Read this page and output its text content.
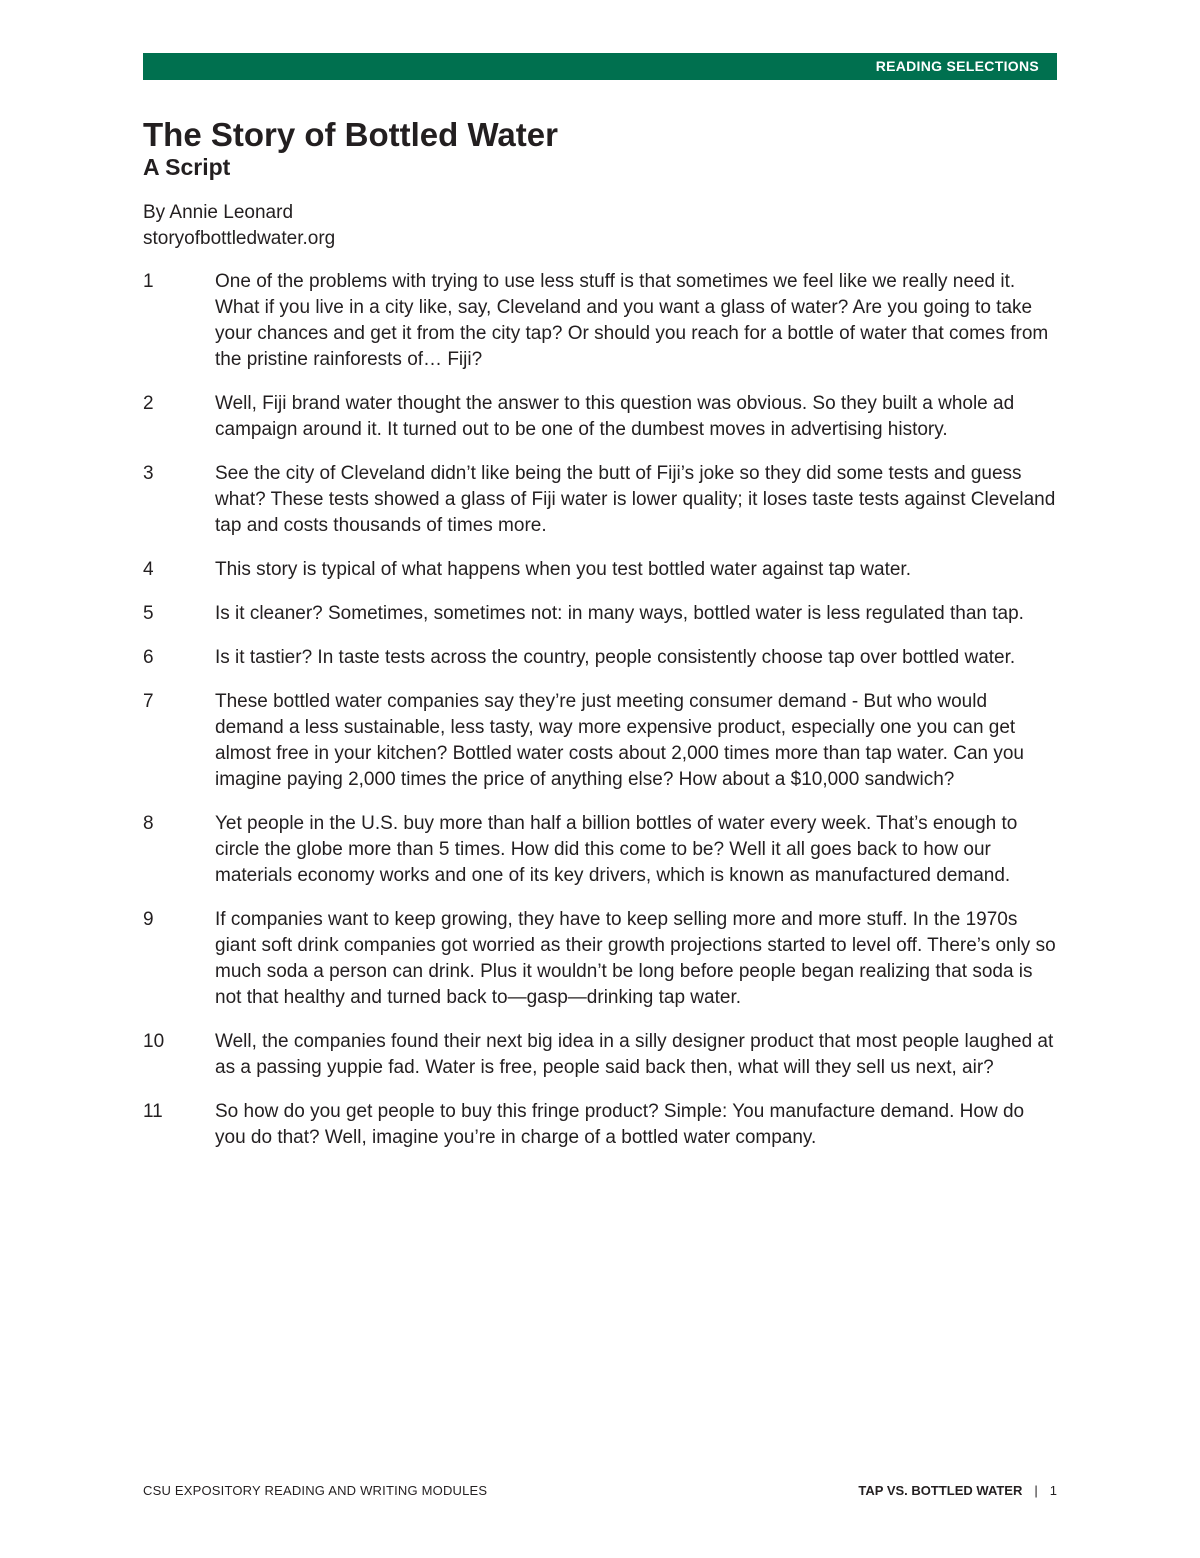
READING SELECTIONS
The Story of Bottled Water
A Script
By Annie Leonard
storyofbottledwater.org
1	One of the problems with trying to use less stuff is that sometimes we feel like we really need it. What if you live in a city like, say, Cleveland and you want a glass of water? Are you going to take your chances and get it from the city tap? Or should you reach for a bottle of water that comes from the pristine rainforests of… Fiji?
2	Well, Fiji brand water thought the answer to this question was obvious. So they built a whole ad campaign around it. It turned out to be one of the dumbest moves in advertising history.
3	See the city of Cleveland didn’t like being the butt of Fiji’s joke so they did some tests and guess what? These tests showed a glass of Fiji water is lower quality; it loses taste tests against Cleveland tap and costs thousands of times more.
4	This story is typical of what happens when you test bottled water against tap water.
5	Is it cleaner? Sometimes, sometimes not: in many ways, bottled water is less regulated than tap.
6	Is it tastier? In taste tests across the country, people consistently choose tap over bottled water.
7	These bottled water companies say they’re just meeting consumer demand - But who would demand a less sustainable, less tasty, way more expensive product, especially one you can get almost free in your kitchen? Bottled water costs about 2,000 times more than tap water. Can you imagine paying 2,000 times the price of anything else? How about a $10,000 sandwich?
8	Yet people in the U.S. buy more than half a billion bottles of water every week. That’s enough to circle the globe more than 5 times. How did this come to be? Well it all goes back to how our materials economy works and one of its key drivers, which is known as manufactured demand.
9	If companies want to keep growing, they have to keep selling more and more stuff. In the 1970s giant soft drink companies got worried as their growth projections started to level off. There’s only so much soda a person can drink. Plus it wouldn’t be long before people began realizing that soda is not that healthy and turned back to—gasp—drinking tap water.
10	Well, the companies found their next big idea in a silly designer product that most people laughed at as a passing yuppie fad. Water is free, people said back then, what will they sell us next, air?
11	So how do you get people to buy this fringe product? Simple: You manufacture demand. How do you do that? Well, imagine you’re in charge of a bottled water company.
CSU EXPOSITORY READING AND WRITING MODULES	TAP VS. BOTTLED WATER | 1
